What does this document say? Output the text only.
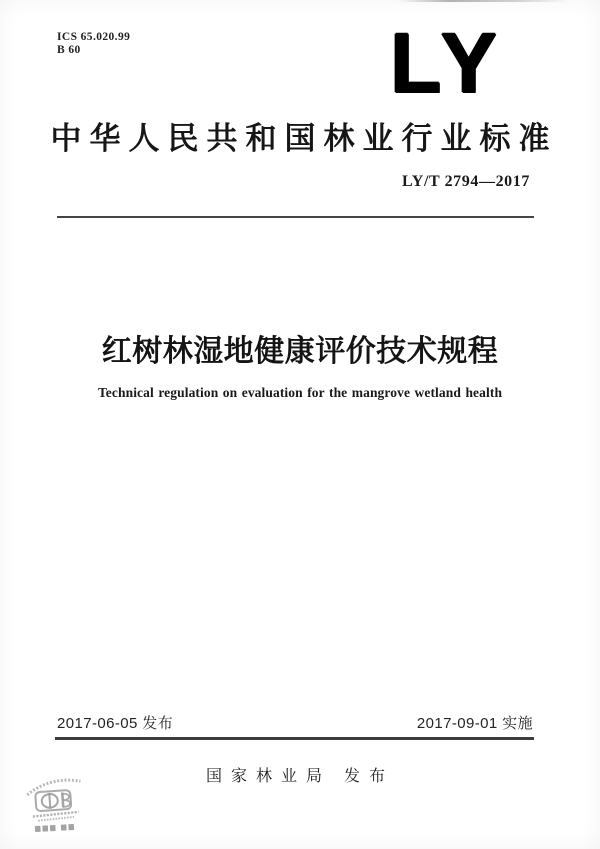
ICS 65.020.99
B 60	LY
中华人民共和国林业行业标准
LY/T 2794—2017
红树林湿地健康评价技术规程
Technical regulation on evaluation for the mangrove wetland health
2017-06-05 发布	2017-09-01 实施
国家林业局 发布
